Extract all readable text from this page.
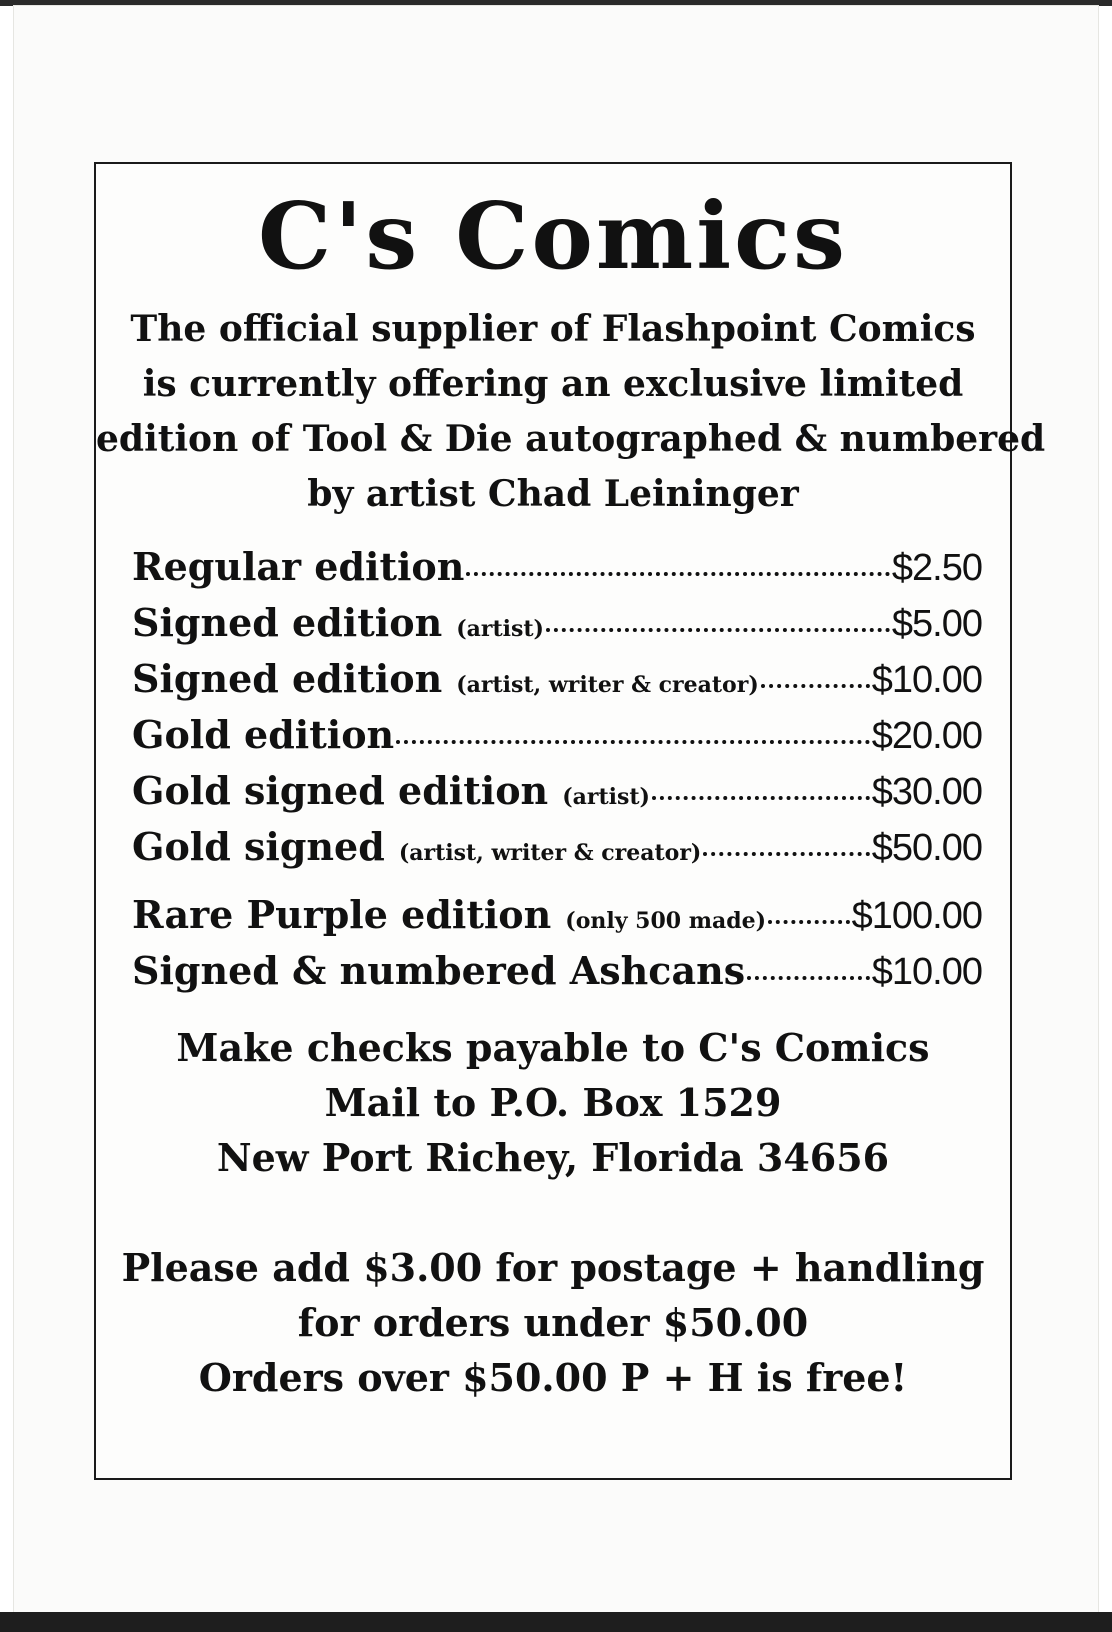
C's Comics
The official supplier of Flashpoint Comics
is currently offering an exclusive limited
edition of Tool & Die autographed & numbered
by artist Chad Leininger
Regular edition	$2.50
Signed edition (artist)	$5.00
Signed edition (artist, writer & creator)	$10.00
Gold edition	$20.00
Gold signed edition (artist)	$30.00
Gold signed (artist, writer & creator)	$50.00
Rare Purple edition (only 500 made) $100.00
Signed & numbered Ashcans	$10.00
Make checks payable to C's Comics
Mail to P.O. Box 1529
New Port Richey, Florida 34656
Please add $3.00 for postage + handling
for orders under $50.00
Orders over $50.00 P + H is free!
